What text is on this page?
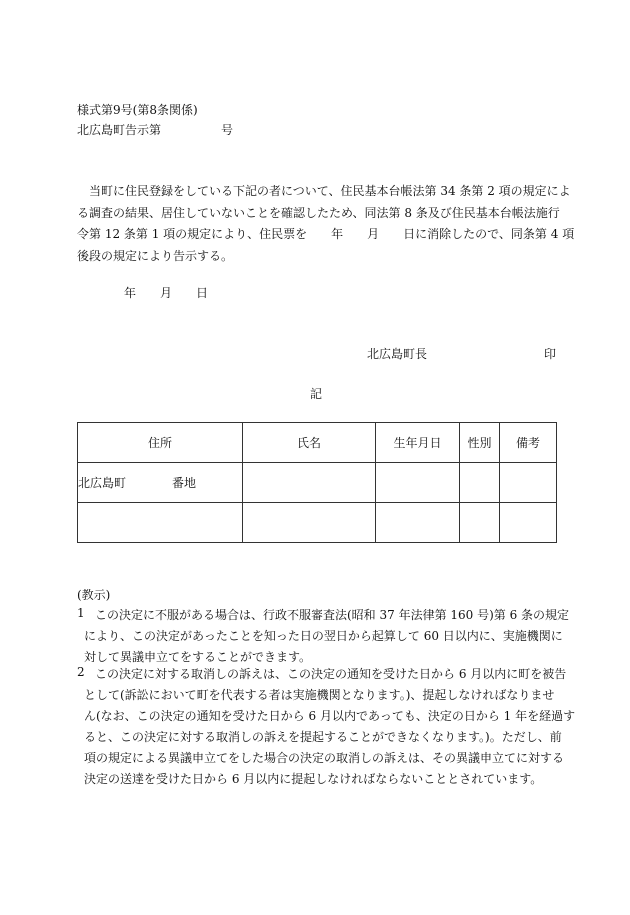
様式第9号(第8条関係)
北広島町告示第　　　　　号
　当町に住民登録をしている下記の者について、住民基本台帳法第 34 条第 2 項の規定によ
る調査の結果、居住していないことを確認したため、同法第 8 条及び住民基本台帳法施行
令第 12 条第 1 項の規定により、住民票を　　年　　月　　日に消除したので、同条第 4 項
後段の規定により告示する。
年　　月　　日
北広島町長	印
記
住所	氏名	生年月日	性別	備考
北広島町 番地				

(教示)
1 この決定に不服がある場合は、行政不服審査法(昭和 37 年法律第 160 号)第 6 条の規定
により、この決定があったことを知った日の翌日から起算して 60 日以内に、実施機関に
対して異議申立てをすることができます。
2 この決定に対する取消しの訴えは、この決定の通知を受けた日から 6 月以内に町を被告
として(訴訟において町を代表する者は実施機関となります。)、提起しなければなりませ
ん(なお、この決定の通知を受けた日から 6 月以内であっても、決定の日から 1 年を経過す
ると、この決定に対する取消しの訴えを提起することができなくなります。)。ただし、前
項の規定による異議申立てをした場合の決定の取消しの訴えは、その異議申立てに対する
決定の送達を受けた日から 6 月以内に提起しなければならないこととされています。
